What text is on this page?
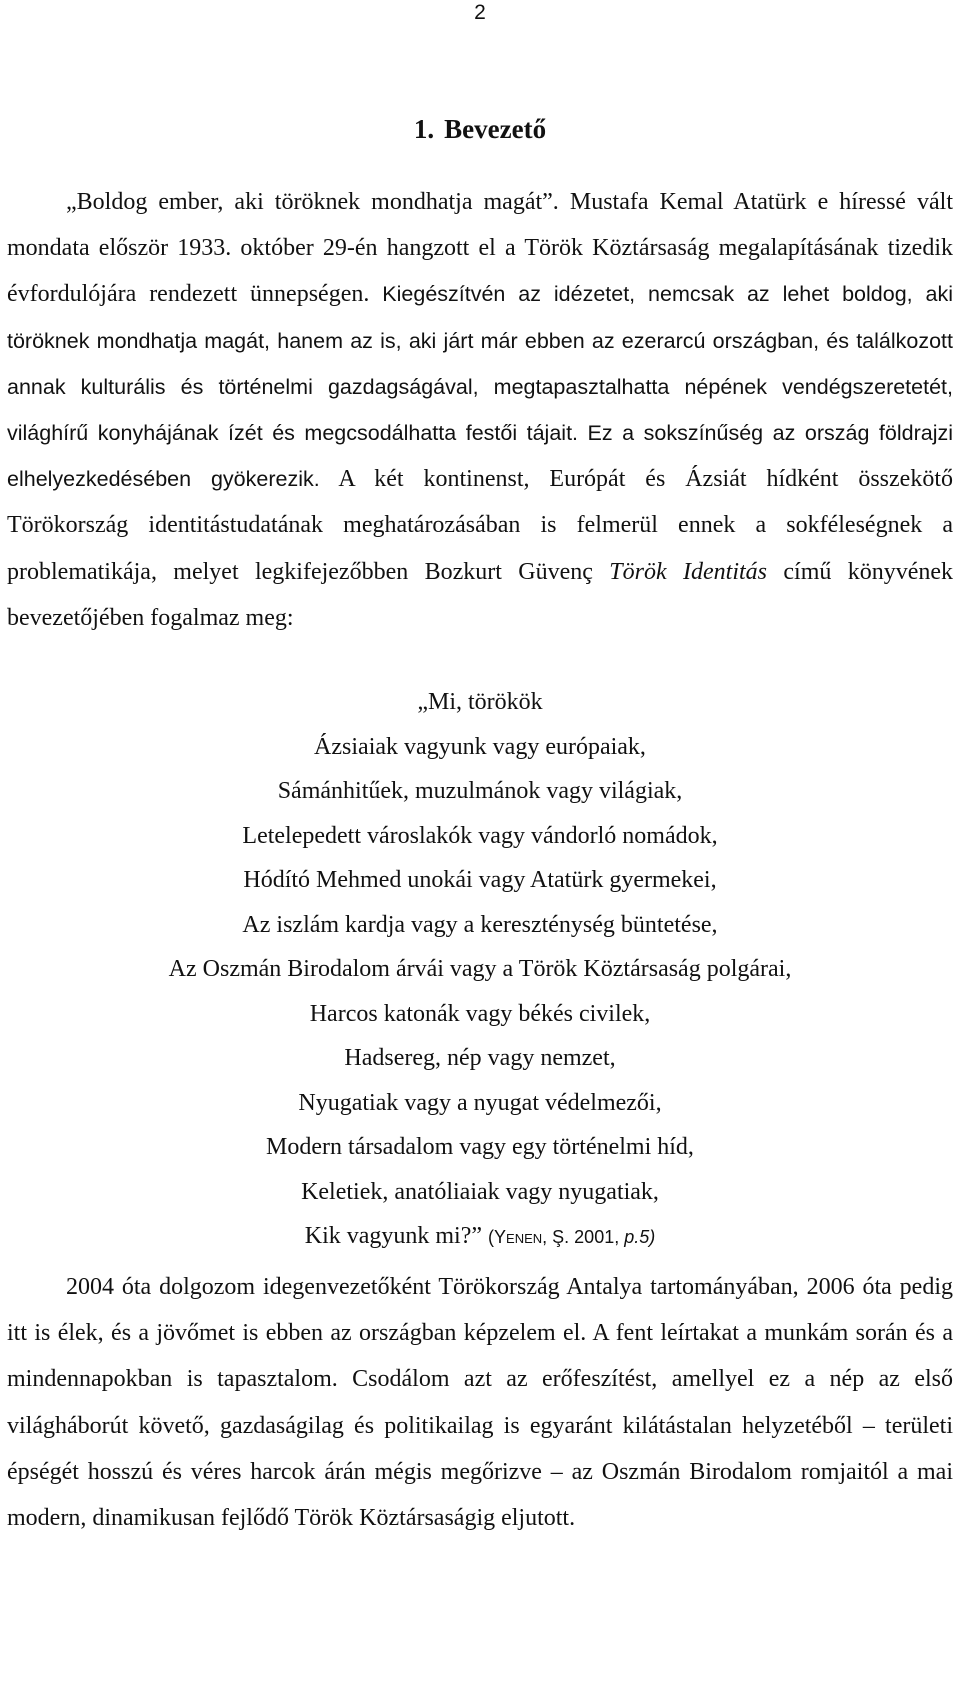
2
1. Bevezető

„Boldog ember, aki töröknek mondhatja magát”. Mustafa Kemal Atatürk e híressé vált mondata először 1933. október 29-én hangzott el a Török Köztársaság megalapításának tizedik évfordulójára rendezett ünnepségen. Kiegészítvén az idézetet, nemcsak az lehet boldog, aki töröknek mondhatja magát, hanem az is, aki járt már ebben az ezerarcú országban, és találkozott annak kulturális és történelmi gazdagságával, megtapasztalhatta népének vendégszeretetét, világhírű konyhájának ízét és megcsodálhatta festői tájait. Ez a sokszínűség az ország földrajzi elhelyezkedésében gyökerezik. A két kontinenst, Európát és Ázsiát hídként összekötő Törökország identitástudatának meghatározásában is felmerül ennek a sokféleségnek a problematikája, melyet legkifejezőbben Bozkurt Güvenç Török Identitás című könyvének bevezetőjében fogalmaz meg:

„Mi, törökök
Ázsiaiak vagyunk vagy európaiak,
Sámánhitűek, muzulmánok vagy világiak,
Letelepedett városlakók vagy vándorló nomádok,
Hódító Mehmed unokái vagy Atatürk gyermekei,
Az iszlám kardja vagy a kereszténység büntetése,
Az Oszmán Birodalom árvái vagy a Török Köztársaság polgárai,
Harcos katonák vagy békés civilek,
Hadsereg, nép vagy nemzet,
Nyugatiak vagy a nyugat védelmezői,
Modern társadalom vagy egy történelmi híd,
Keletiek, anatóliaiak vagy nyugatiak,
Kik vagyunk mi?” (Yenen, Ş. 2001, p.5)

2004 óta dolgozom idegenvezetőként Törökország Antalya tartományában, 2006 óta pedig itt is élek, és a jövőmet is ebben az országban képzelem el. A fent leírtakat a munkám során és a mindennapokban is tapasztalom. Csodálom azt az erőfeszítést, amellyel ez a nép az első világháborút követő, gazdaságilag és politikailag is egyaránt kilátástalan helyzetéből – területi épségét hosszú és véres harcok árán mégis megőrizve – az Oszmán Birodalom romjaitól a mai modern, dinamikusan fejlődő Török Köztársaságig eljutott.
